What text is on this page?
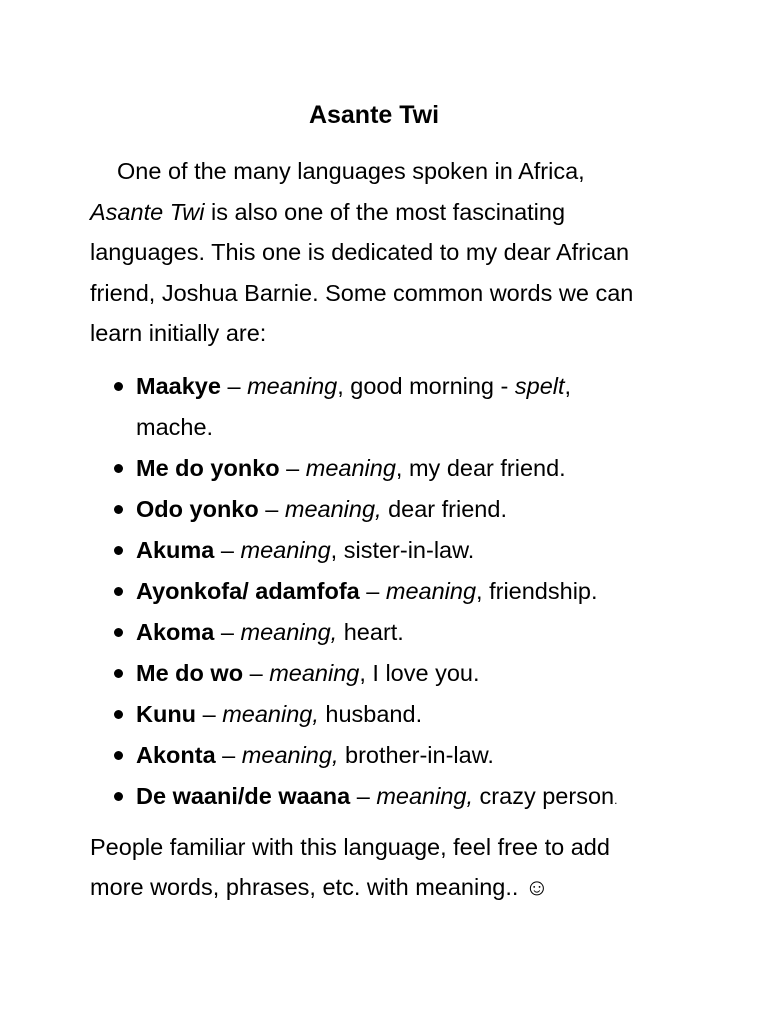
Asante Twi

One of the many languages spoken in Africa,
Asante Twi is also one of the most fascinating
languages. This one is dedicated to my dear African
friend, Joshua Barnie. Some common words we can
learn initially are:

Maakye – meaning, good morning - spelt,
mache.
Me do yonko – meaning, my dear friend.
Odo yonko – meaning, dear friend.
Akuma – meaning, sister-in-law.
Ayonkofa/ adamfofa – meaning, friendship.
Akoma – meaning, heart.
Me do wo – meaning, I love you.
Kunu – meaning, husband.
Akonta – meaning, brother-in-law.
De waani/de waana – meaning, crazy person.

People familiar with this language, feel free to add
more words, phrases, etc. with meaning.. ☺
